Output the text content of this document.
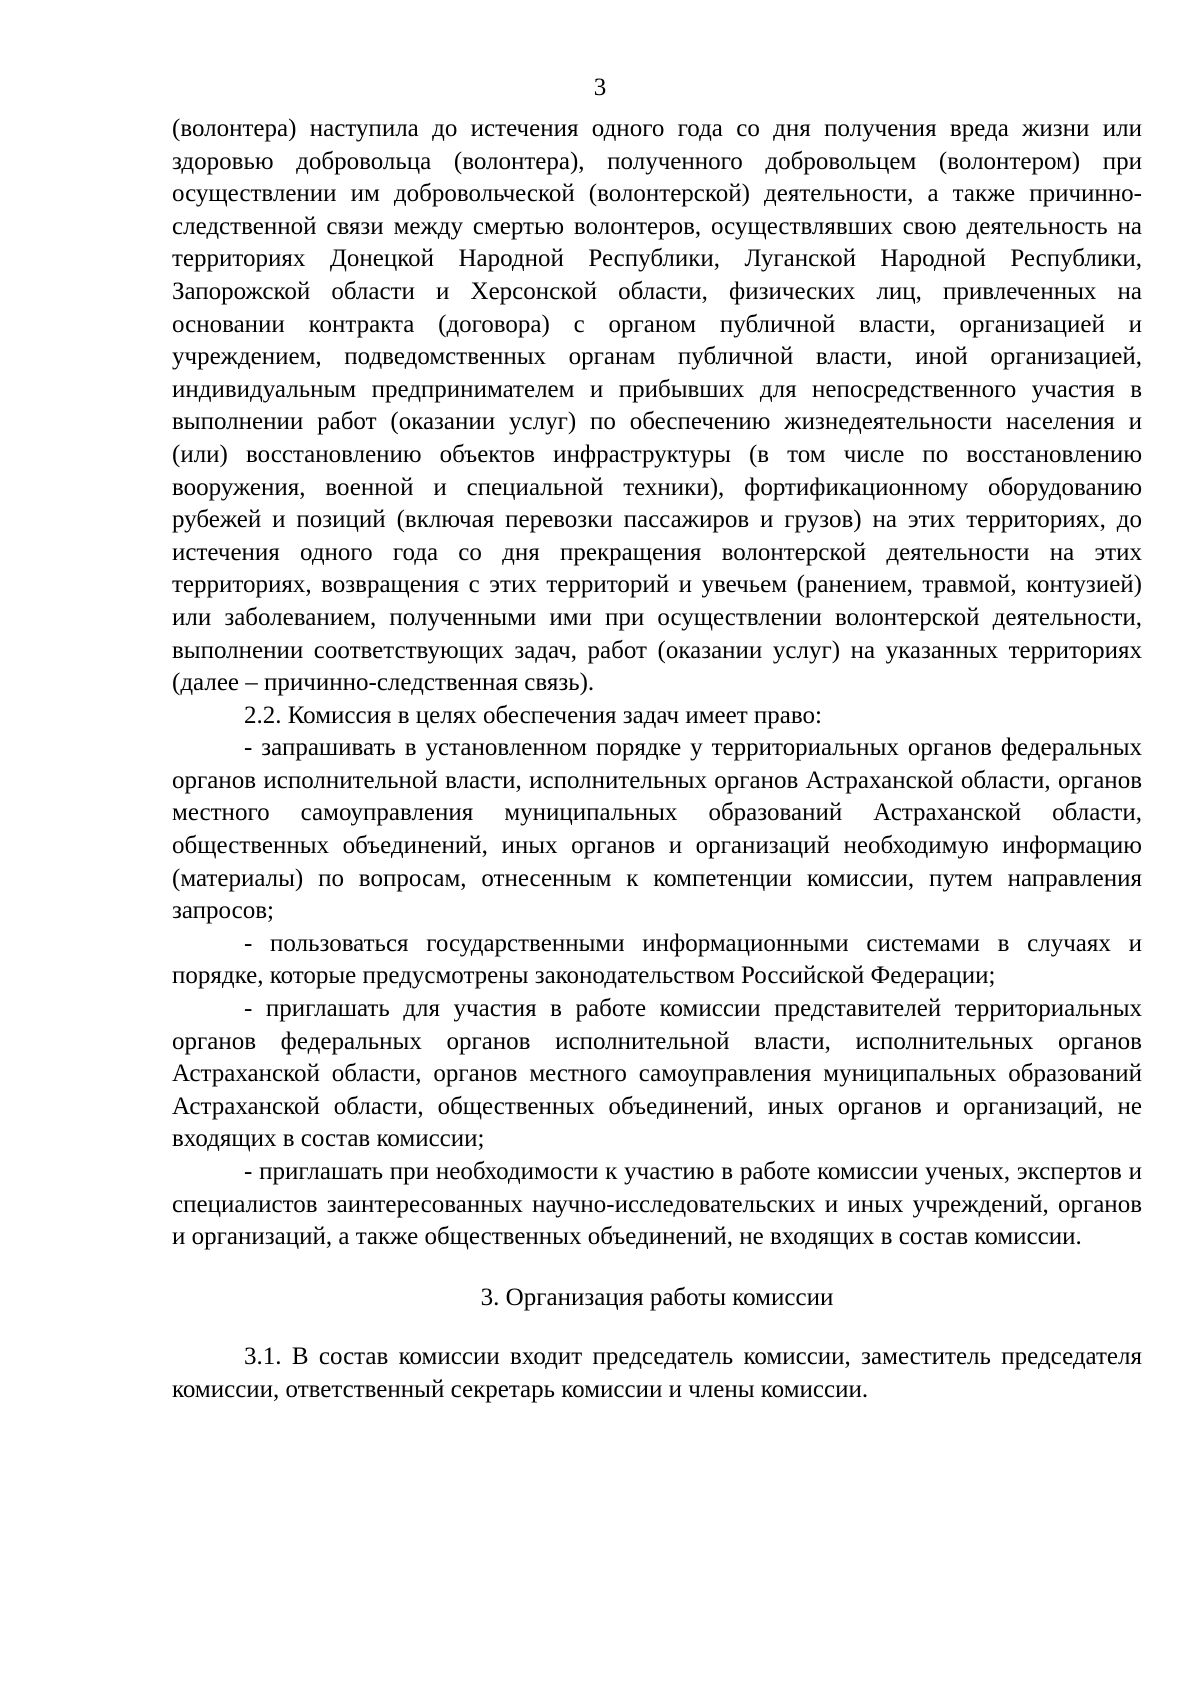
3

(волонтера) наступила до истечения одного года со дня получения вреда жизни или здоровью добровольца (волонтера), полученного добровольцем (волонтером) при осуществлении им добровольческой (волонтерской) деятельности, а также причинно-следственной связи между смертью волонтеров, осуществлявших свою деятельность на территориях Донецкой Народной Республики, Луганской Народной Республики, Запорожской области и Херсонской области, физических лиц, привлеченных на основании контракта (договора) с органом публичной власти, организацией и учреждением, подведомственных органам публичной власти, иной организацией, индивидуальным предпринимателем и прибывших для непосредственного участия в выполнении работ (оказании услуг) по обеспечению жизнедеятельности населения и (или) восстановлению объектов инфраструктуры (в том числе по восстановлению вооружения, военной и специальной техники), фортификационному оборудованию рубежей и позиций (включая перевозки пассажиров и грузов) на этих территориях, до истечения одного года со дня прекращения волонтерской деятельности на этих территориях, возвращения с этих территорий и увечьем (ранением, травмой, контузией) или заболеванием, полученными ими при осуществлении волонтерской деятельности, выполнении соответствующих задач, работ (оказании услуг) на указанных территориях (далее – причинно-следственная связь).

2.2. Комиссия в целях обеспечения задач имеет право:

- запрашивать в установленном порядке у территориальных органов федеральных органов исполнительной власти, исполнительных органов Астраханской области, органов местного самоуправления муниципальных образований Астраханской области, общественных объединений, иных органов и организаций необходимую информацию (материалы) по вопросам, отнесенным к компетенции комиссии, путем направления запросов;

- пользоваться государственными информационными системами в случаях и порядке, которые предусмотрены законодательством Российской Федерации;

- приглашать для участия в работе комиссии представителей территориальных органов федеральных органов исполнительной власти, исполнительных органов Астраханской области, органов местного самоуправления муниципальных образований Астраханской области, общественных объединений, иных органов и организаций, не входящих в состав комиссии;

- приглашать при необходимости к участию в работе комиссии ученых, экспертов и специалистов заинтересованных научно-исследовательских и иных учреждений, органов и организаций, а также общественных объединений, не входящих в состав комиссии.

3. Организация работы комиссии

3.1. В состав комиссии входит председатель комиссии, заместитель председателя комиссии, ответственный секретарь комиссии и члены комиссии.
